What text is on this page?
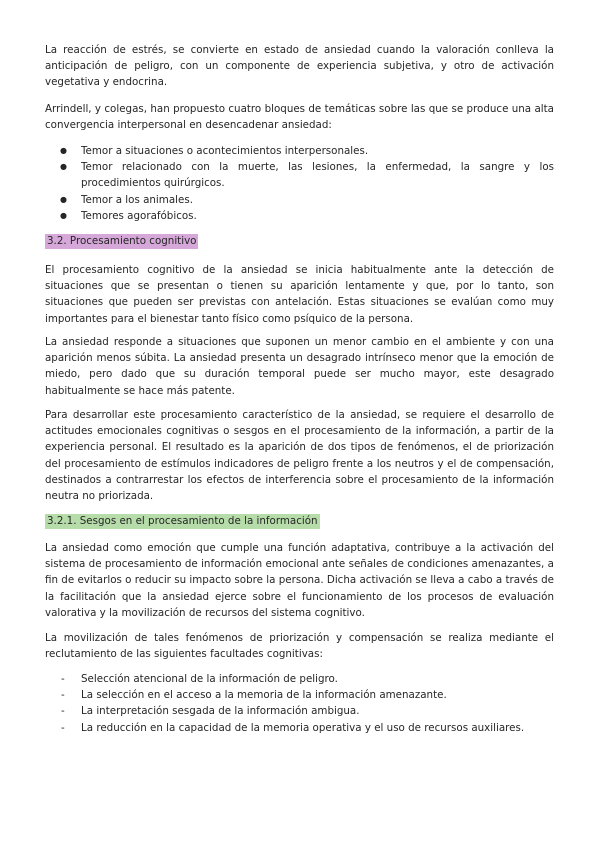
La reacción de estrés, se convierte en estado de ansiedad cuando la valoración conlleva la anticipación de peligro, con un componente de experiencia subjetiva, y otro de activación vegetativa y endocrina.

Arrindell, y colegas, han propuesto cuatro bloques de temáticas sobre las que se produce una alta convergencia interpersonal en desencadenar ansiedad:

● Temor a situaciones o acontecimientos interpersonales.
● Temor relacionado con la muerte, las lesiones, la enfermedad, la sangre y los procedimientos quirúrgicos.
● Temor a los animales.
● Temores agorafóbicos.
3.2. Procesamiento cognitivo

El procesamiento cognitivo de la ansiedad se inicia habitualmente ante la detección de situaciones que se presentan o tienen su aparición lentamente y que, por lo tanto, son situaciones que pueden ser previstas con antelación. Estas situaciones se evalúan como muy importantes para el bienestar tanto físico como psíquico de la persona.

La ansiedad responde a situaciones que suponen un menor cambio en el ambiente y con una aparición menos súbita. La ansiedad presenta un desagrado intrínseco menor que la emoción de miedo, pero dado que su duración temporal puede ser mucho mayor, este desagrado habitualmente se hace más patente.

Para desarrollar este procesamiento característico de la ansiedad, se requiere el desarrollo de actitudes emocionales cognitivas o sesgos en el procesamiento de la información, a partir de la experiencia personal. El resultado es la aparición de dos tipos de fenómenos, el de priorización del procesamiento de estímulos indicadores de peligro frente a los neutros y el de compensación, destinados a contrarrestar los efectos de interferencia sobre el procesamiento de la información neutra no priorizada.

3.2.1. Sesgos en el procesamiento de la información

La ansiedad como emoción que cumple una función adaptativa, contribuye a la activación del sistema de procesamiento de información emocional ante señales de condiciones amenazantes, a fin de evitarlos o reducir su impacto sobre la persona. Dicha activación se lleva a cabo a través de la facilitación que la ansiedad ejerce sobre el funcionamiento de los procesos de evaluación valorativa y la movilización de recursos del sistema cognitivo.

La movilización de tales fenómenos de priorización y compensación se realiza mediante el reclutamiento de las siguientes facultades cognitivas:

- Selección atencional de la información de peligro.
- La selección en el acceso a la memoria de la información amenazante.
- La interpretación sesgada de la información ambigua.
- La reducción en la capacidad de la memoria operativa y el uso de recursos auxiliares.
